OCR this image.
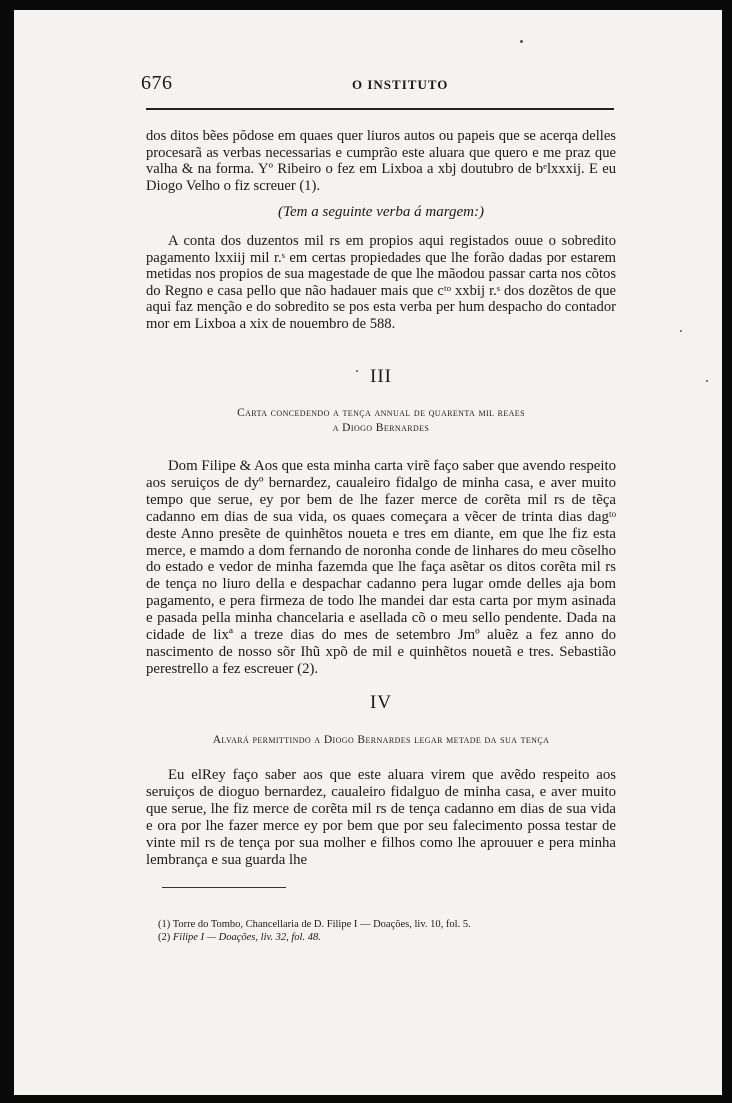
676	O INSTITUTO
dos ditos bẽes pŏdose em quaes quer liuros autos ou papeis que se acerqa delles procesarã as verbas necessarias e cumprão este aluara que quero e me praz que valha & na forma. Yº Ribeiro o fez em Lixboa a xbj doutubro de bᵉlxxxij. E eu Diogo Velho o fiz screuer (1).
(Tem a seguinte verba á margem:)
A conta dos duzentos mil rs em propios aqui registados ouue o sobredito pagamento lxxiij mil r.ˢ em certas propiedades que lhe forão dadas por estarem metidas nos propios de sua magestade de que lhe mãodou passar carta nos cõtos do Regno e casa pello que não hadauer mais que cᵗᵒ xxbij r.ˢ dos dozẽtos de que aqui faz menção e do sobredito se pos esta verba per hum despacho do contador mor em Lixboa a xix de nouembro de 588.
III
Carta concedendo a tença annual de quarenta mil reaes
a Diogo Bernardes
Dom Filipe & Aos que esta minha carta virẽ faço saber que avendo respeito aos seruiços de dyº bernardez, caualeiro fidalgo de minha casa, e aver muito tempo que serue, ey por bem de lhe fazer merce de corẽta mil rs de tẽça cadanno em dias de sua vida, os quaes começara a vẽcer de trinta dias dagᵗᵒ deste Anno presẽte de quinhẽtos noueta e tres em diante, em que lhe fiz esta merce, e mamdo a dom fernando de noronha conde de linhares do meu cõselho do estado e vedor de minha fazemda que lhe faça asẽtar os ditos corẽta mil rs de tença no liuro della e despachar cadanno pera lugar omde delles aja bom pagamento, e pera firmeza de todo lhe mandei dar esta carta por mym asinada e pasada pella minha chancelaria e asellada cõ o meu sello pendente. Dada na cidade de lixª a treze dias do mes de setembro Jmº aluẽz a fez anno do nascimento de nosso sõr Ihũ xpõ de mil e quinhẽtos nouetã e tres. Sebastião perestrello a fez escreuer (2).
IV
Alvará permittindo a Diogo Bernardes legar metade da sua tença
Eu elRey faço saber aos que este aluara virem que avẽdo respeito aos seruiços de dioguo bernardez, caualeiro fidalguo de minha casa, e aver muito que serue, lhe fiz merce de corẽta mil rs de tença cadanno em dias de sua vida e ora por lhe fazer merce ey por bem que por seu falecimento possa testar de vinte mil rs de tença por sua molher e filhos como lhe aprouuer e pera minha lembrança e sua guarda lhe
(1) Torre do Tombo, Chancellaria de D. Filipe I — Doações, liv. 10, fol. 5.
(2) Filipe I — Doações, liv. 32, fol. 48.
